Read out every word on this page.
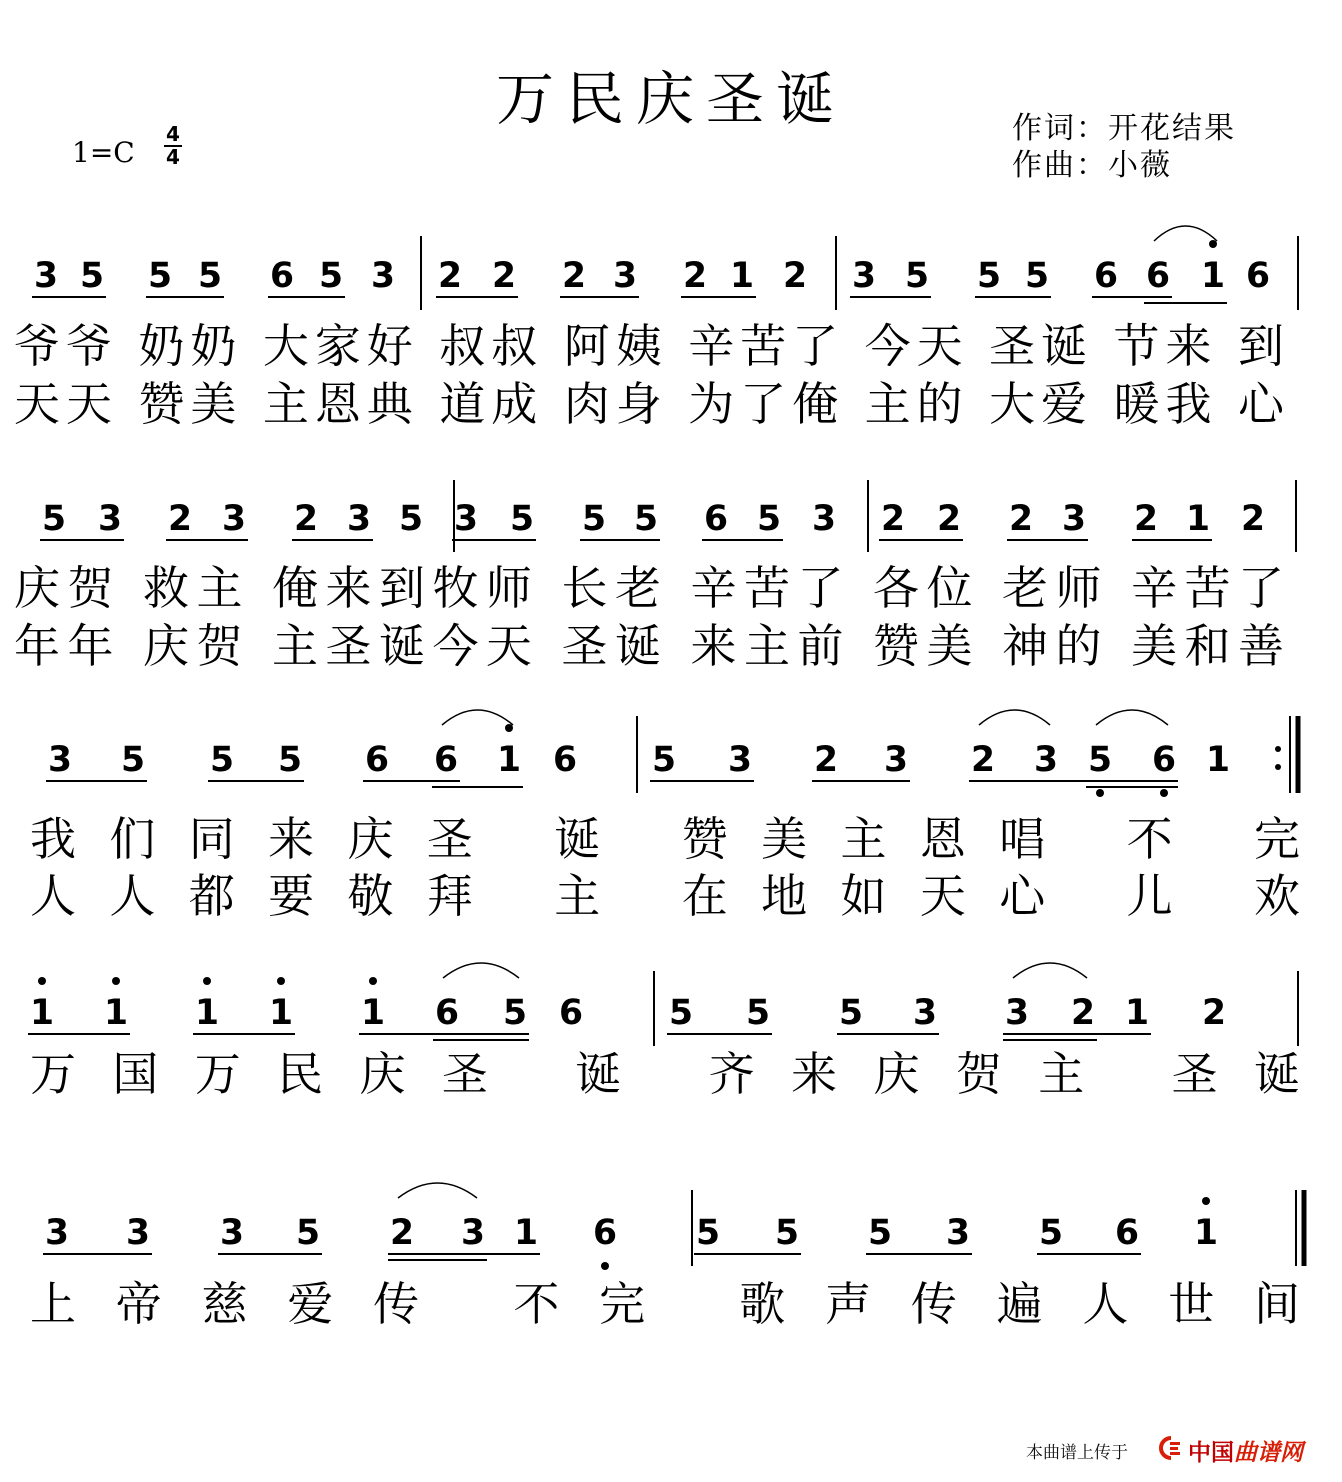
万民庆圣诞
1=C
4
4
作词：开花结果
作曲：小薇
3 5 5 5 6 5 3 2 2 2 3 2 1 2 3 5 5 5 6 6 1 6
爷爷 奶奶 大家好 叔叔 阿姨 辛苦了 今天 圣诞 节来 到
天天 赞美 主恩典 道成 肉身 为了俺 主的 大爱 暖我 心
5 3 2 3 2 3 5 3 5 5 5 6 5 3 2 2 2 3 2 1 2
庆贺 救主 俺来到牧师 长老 辛苦了 各位 老师 辛苦了
年年 庆贺 主圣诞今天 圣诞 来主前 赞美 神的 美和善
3 5 5 5 6 6 1 6 5 3 2 3 2 3 5 6 1
我们同来庆圣 诞 赞美主恩唱 不 完
人人都要敬拜 主 在地如天心 儿 欢
1 1 1 1 1 6 5 6 5 5 5 3 3 2 1 2
万国万民庆圣 诞 齐来庆贺主 圣诞
3 3 3 5 2 3 1 6 5 5 5 3 5 6 1
上帝慈爱传 不完 歌声传遍人世间
本曲谱上传于	中国曲谱网
